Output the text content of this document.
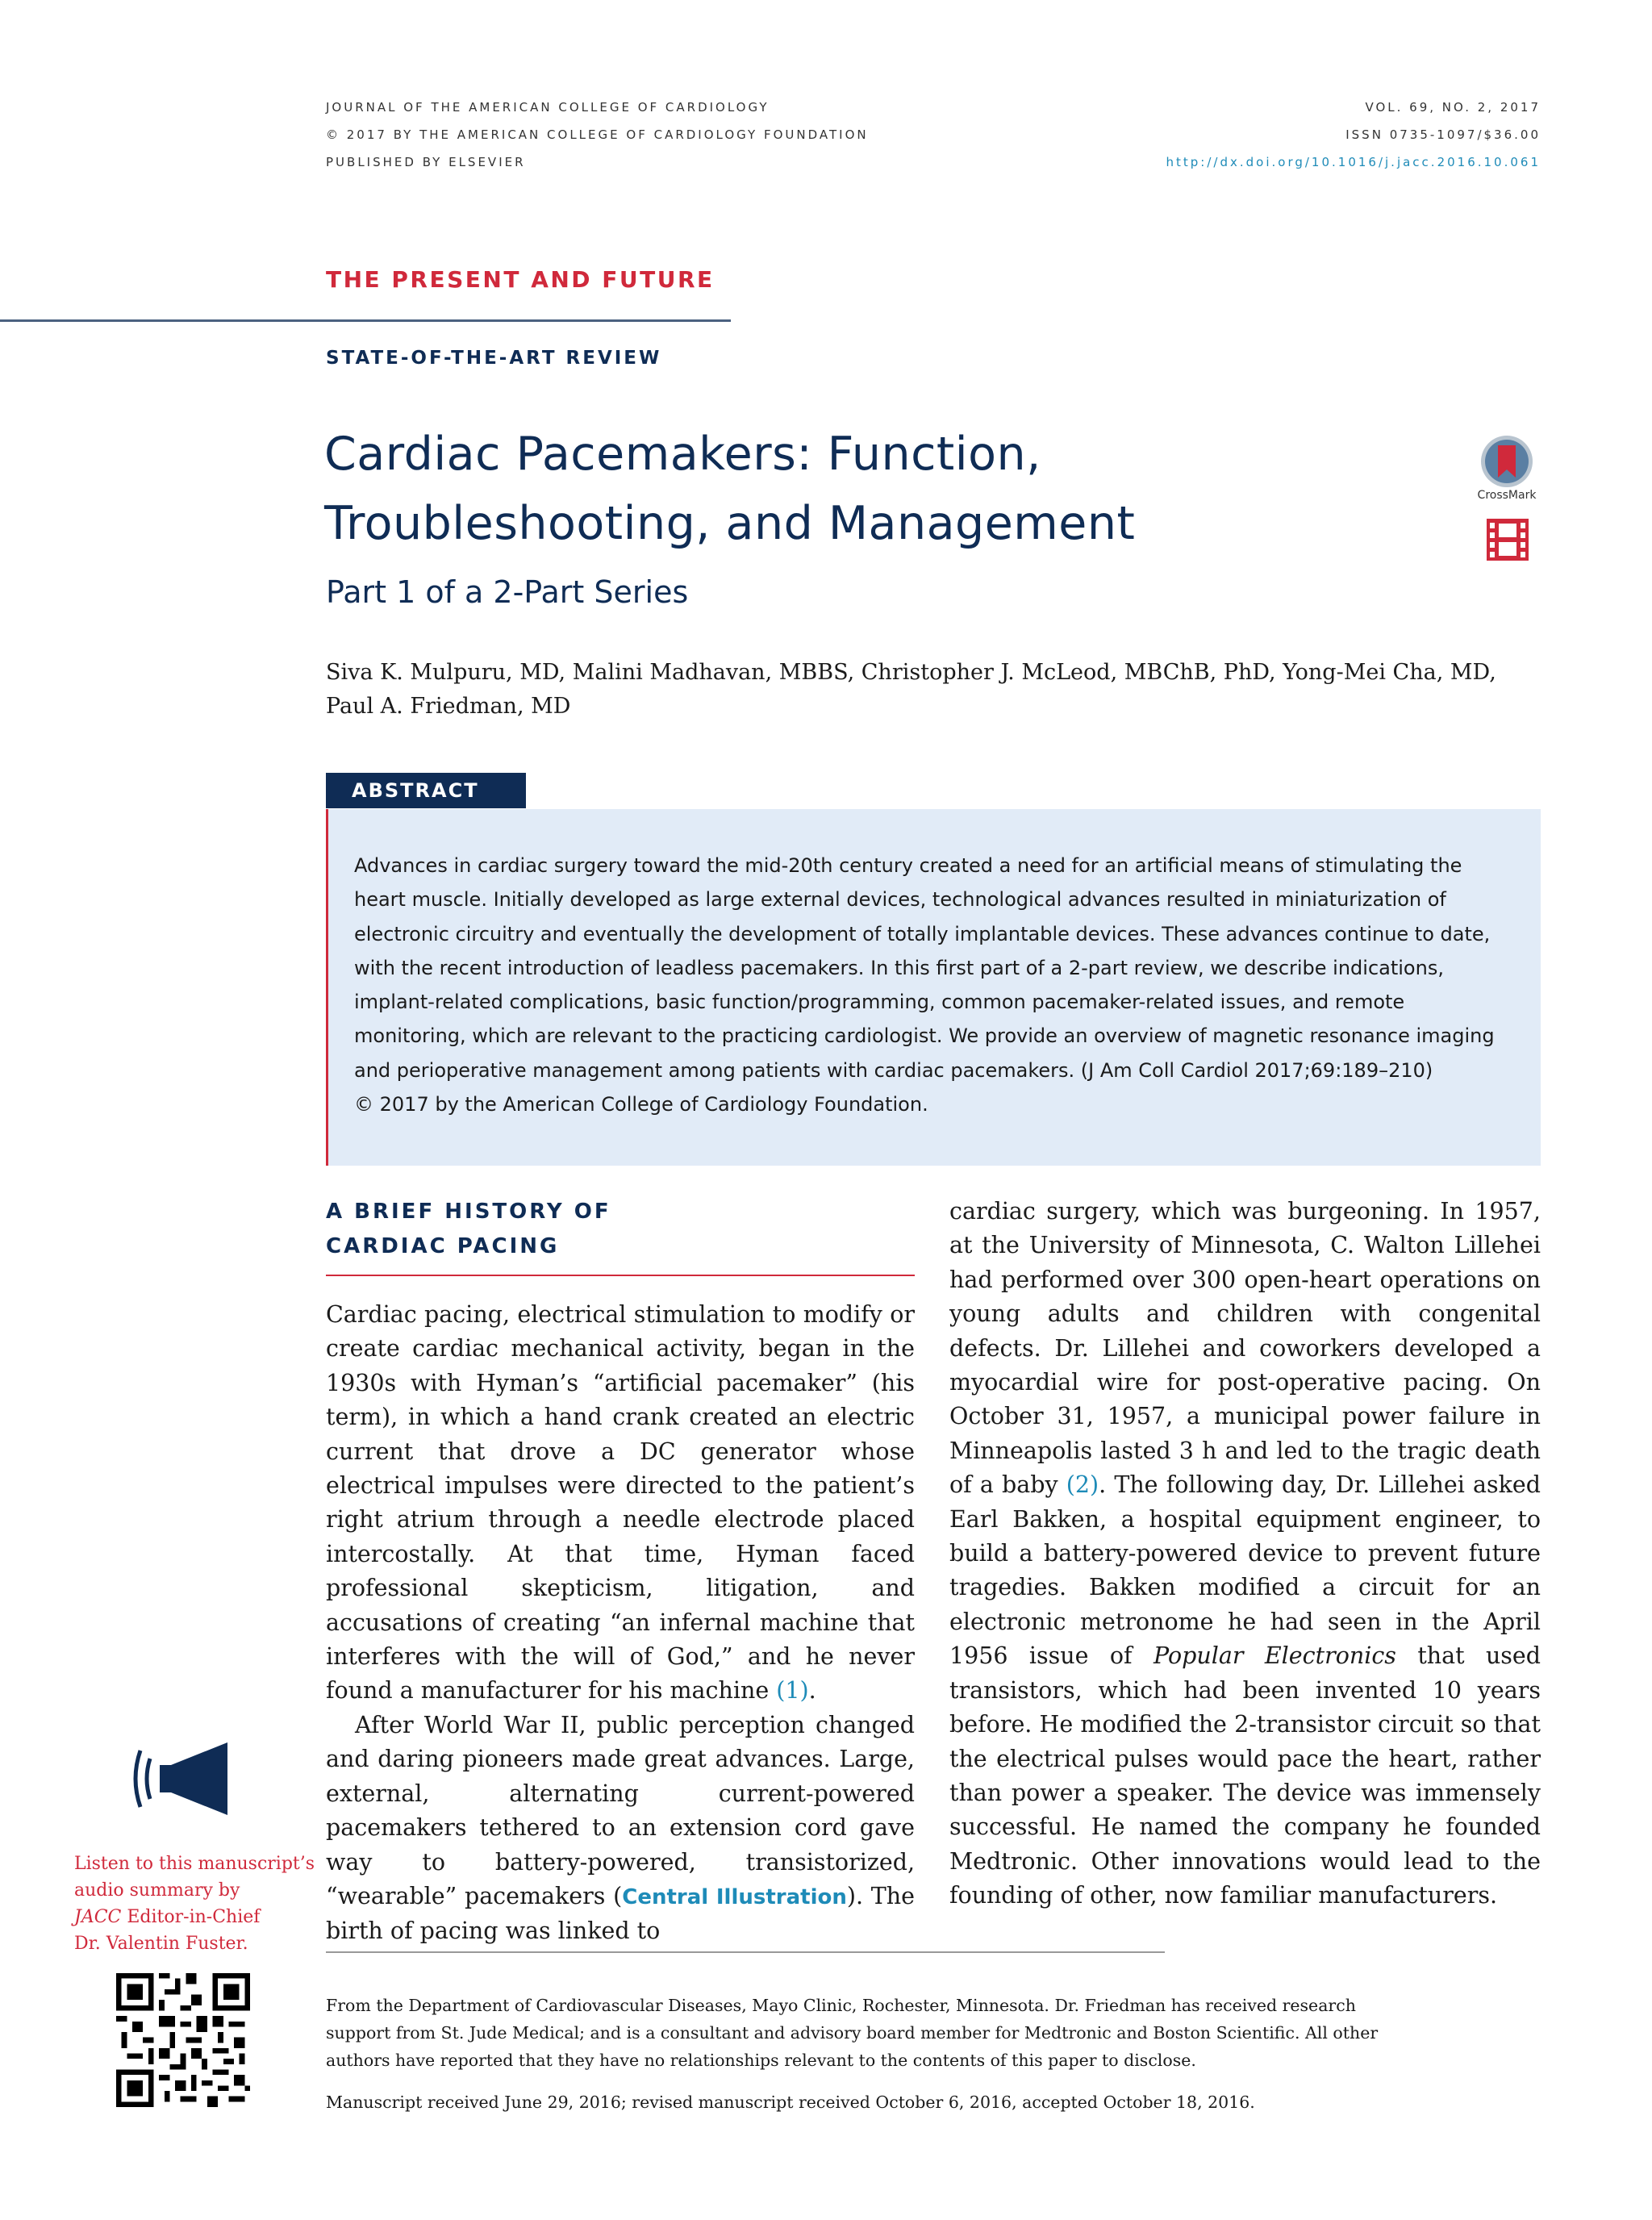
JOURNAL OF THE AMERICAN COLLEGE OF CARDIOLOGY
© 2017 BY THE AMERICAN COLLEGE OF CARDIOLOGY FOUNDATION
PUBLISHED BY ELSEVIER
VOL. 69, NO. 2, 2017
ISSN 0735-1097/$36.00
http://dx.doi.org/10.1016/j.jacc.2016.10.061
THE PRESENT AND FUTURE
STATE-OF-THE-ART REVIEW
Cardiac Pacemakers: Function,
Troubleshooting, and Management
Part 1 of a 2-Part Series
CrossMark
Siva K. Mulpuru, MD, Malini Madhavan, MBBS, Christopher J. McLeod, MBChB, PhD, Yong-Mei Cha, MD,
Paul A. Friedman, MD
ABSTRACT
Advances in cardiac surgery toward the mid-20th century created a need for an artificial means of stimulating the heart muscle. Initially developed as large external devices, technological advances resulted in miniaturization of electronic circuitry and eventually the development of totally implantable devices. These advances continue to date, with the recent introduction of leadless pacemakers. In this first part of a 2-part review, we describe indications, implant-related complications, basic function/programming, common pacemaker-related issues, and remote monitoring, which are relevant to the practicing cardiologist. We provide an overview of magnetic resonance imaging and perioperative management among patients with cardiac pacemakers. (J Am Coll Cardiol 2017;69:189–210)
© 2017 by the American College of Cardiology Foundation.
A BRIEF HISTORY OF
CARDIAC PACING

Cardiac pacing, electrical stimulation to modify or create cardiac mechanical activity, began in the 1930s with Hyman’s “artificial pacemaker” (his term), in which a hand crank created an electric current that drove a DC generator whose electrical impulses were directed to the patient’s right atrium through a needle electrode placed intercostally. At that time, Hyman faced professional skepticism, litigation, and accusations of creating “an infernal machine that interferes with the will of God,” and he never found a manufacturer for his machine (1).

After World War II, public perception changed and daring pioneers made great advances. Large, external, alternating current-powered pacemakers tethered to an extension cord gave way to battery-powered, transistorized, “wearable” pacemakers (Central Illustration). The birth of pacing was linked to

cardiac surgery, which was burgeoning. In 1957, at the University of Minnesota, C. Walton Lillehei had performed over 300 open-heart operations on young adults and children with congenital defects. Dr. Lillehei and coworkers developed a myocardial wire for post-operative pacing. On October 31, 1957, a municipal power failure in Minneapolis lasted 3 h and led to the tragic death of a baby (2). The following day, Dr. Lillehei asked Earl Bakken, a hospital equipment engineer, to build a battery-powered device to prevent future tragedies. Bakken modified a circuit for an electronic metronome he had seen in the April 1956 issue of Popular Electronics that used transistors, which had been invented 10 years before. He modified the 2-transistor circuit so that the electrical pulses would pace the heart, rather than power a speaker. The device was immensely successful. He named the company he founded Medtronic. Other innovations would lead to the founding of other, now familiar manufacturers.

Listen to this manuscript’s
audio summary by
JACC Editor-in-Chief
Dr. Valentin Fuster.
From the Department of Cardiovascular Diseases, Mayo Clinic, Rochester, Minnesota. Dr. Friedman has received research support from St. Jude Medical; and is a consultant and advisory board member for Medtronic and Boston Scientific. All other authors have reported that they have no relationships relevant to the contents of this paper to disclose.
Manuscript received June 29, 2016; revised manuscript received October 6, 2016, accepted October 18, 2016.
